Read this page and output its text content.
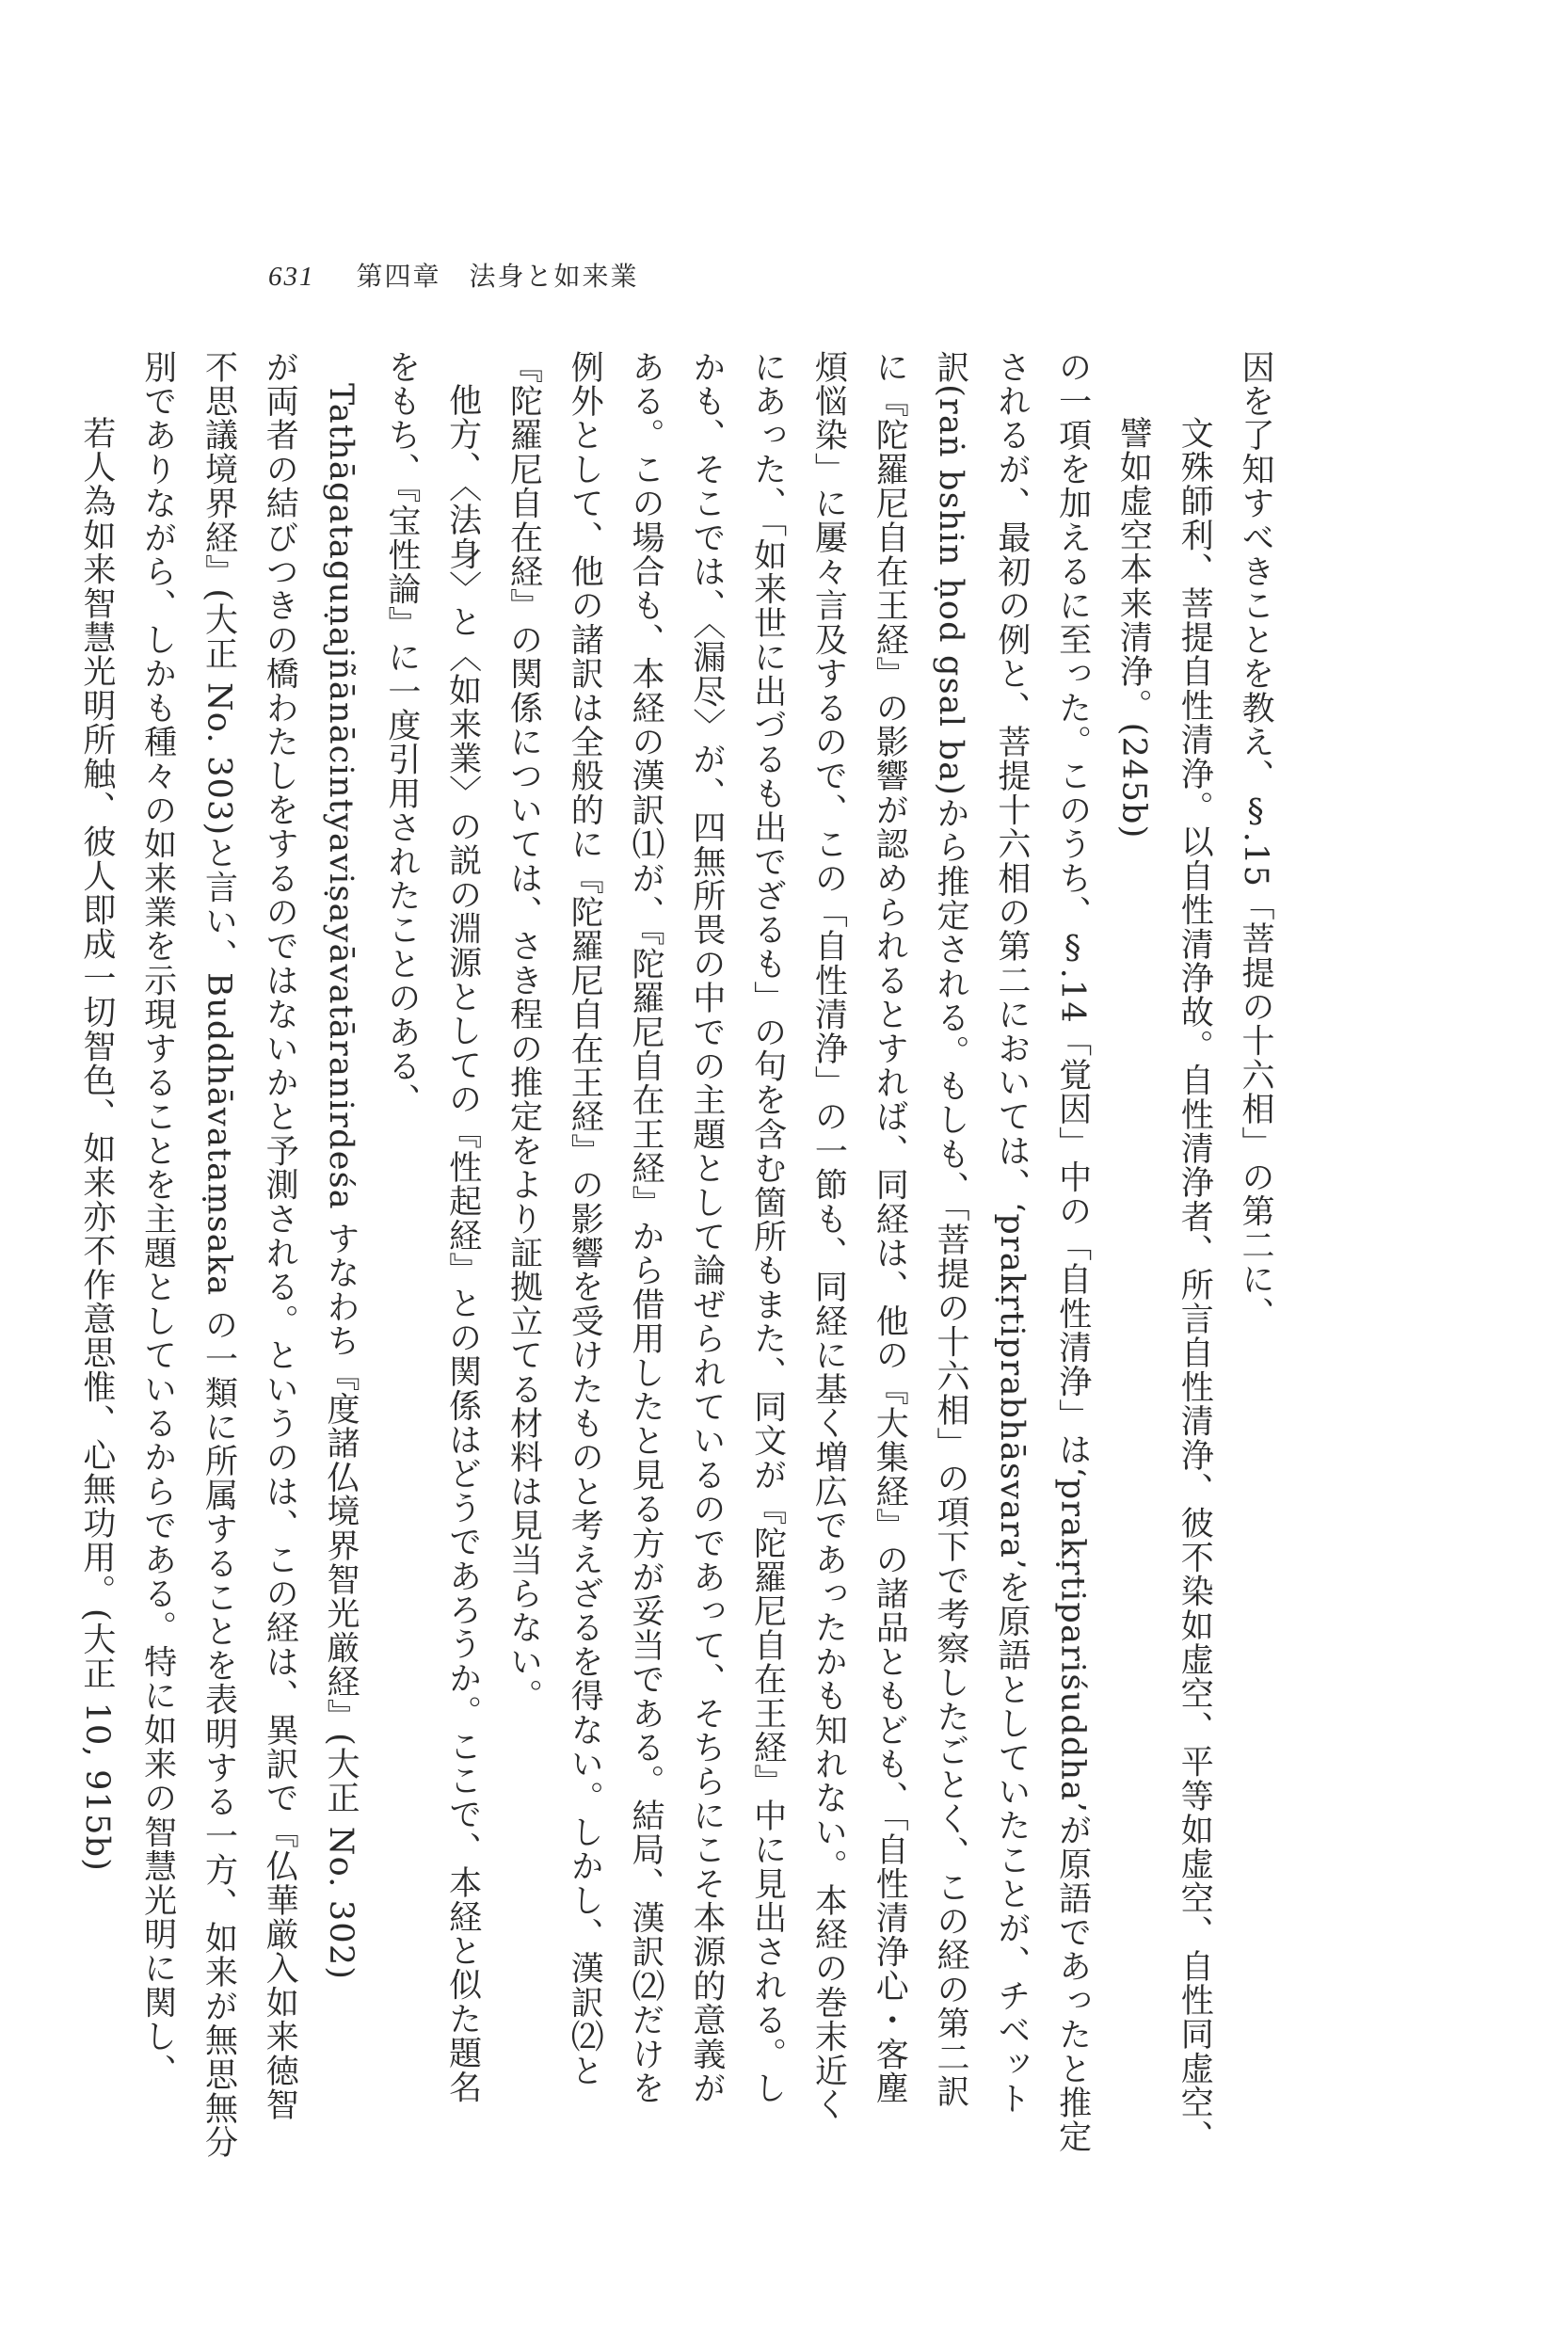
631 第四章　法身と如来業
因を了知すべきことを教え、§.15「菩提の十六相」の第二に、
文殊師利、菩提自性清浄。以自性清浄故。自性清浄者、所言自性清浄、彼不染如虚空、平等如虚空、自性同虚空、
譬如虚空本来清浄。(245b)
の一項を加えるに至った。このうち、§.14「覚因」中の「自性清浄」は‘prakṛtipariśuddha’が原語であったと推定
されるが、最初の例と、菩提十六相の第二においては、‘prakṛtiprabhāsvara’を原語としていたことが、チベット
訳(raṅ bshin ḥod gsal ba)から推定される。もしも、「菩提の十六相」の項下で考察したごとく、この経の第二訳
に『陀羅尼自在王経』の影響が認められるとすれば、同経は、他の『大集経』の諸品ともども、「自性清浄心・客塵
煩悩染」に屢々言及するので、この「自性清浄」の一節も、同経に基く増広であったかも知れない。本経の巻末近く
にあった、「如来世に出づるも出でざるも」の句を含む箇所もまた、同文が『陀羅尼自在王経』中に見出される。し
かも、そこでは、〈漏尽〉が、四無所畏の中での主題として論ぜられているのであって、そちらにこそ本源的意義が
ある。この場合も、本経の漢訳⑴が、『陀羅尼自在王経』から借用したと見る方が妥当である。結局、漢訳⑵だけを
例外として、他の諸訳は全般的に『陀羅尼自在王経』の影響を受けたものと考えざるを得ない。しかし、漢訳⑵と
『陀羅尼自在経』の関係については、さき程の推定をより証拠立てる材料は見当らない。
他方、〈法身〉と〈如来業〉の説の淵源としての『性起経』との関係はどうであろうか。ここで、本経と似た題名
をもち、『宝性論』に一度引用されたことのある、
Tathāgataguṇajñānācintyaviṣayāvatāranirdeśa すなわち『度諸仏境界智光厳経』(大正 No. 302)
が両者の結びつきの橋わたしをするのではないかと予測される。というのは、この経は、異訳で『仏華厳入如来徳智
不思議境界経』(大正 No. 303)と言い、Buddhāvataṃsaka の一類に所属することを表明する一方、如来が無思無分
別でありながら、しかも種々の如来業を示現することを主題としているからである。特に如来の智慧光明に関し、
若人為如来智慧光明所触、彼人即成一切智色、如来亦不作意思惟、心無功用。(大正 10, 915b)
